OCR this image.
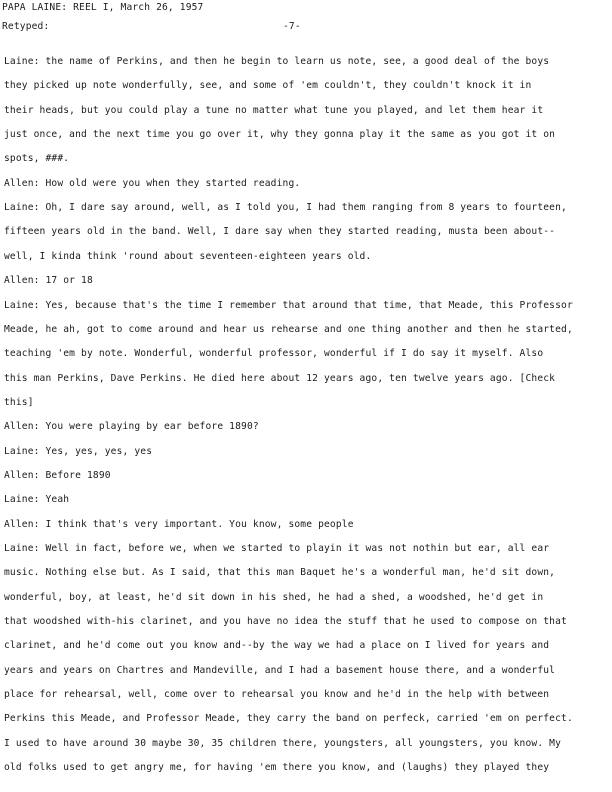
PAPA LAINE: REEL I, March 26, 1957
-7-
Retyped:
Laine: the name of Perkins, and then he begin to learn us note, see, a good deal of the boys
they picked up note wonderfully, see, and some of 'em couldn't, they couldn't knock it in
their heads, but you could play a tune no matter what tune you played, and let them hear it
just once, and the next time you go over it, why they gonna play it the same as you got it on
spots, ###.
Allen: How old were you when they started reading.
Laine: Oh, I dare say around, well, as I told you, I had them ranging from 8 years to fourteen,
fifteen years old in the band. Well, I dare say when they started reading, musta been about--
well, I kinda think 'round about seventeen-eighteen years old.
Allen: 17 or 18
Laine: Yes, because that's the time I remember that around that time, that Meade, this Professor
Meade, he ah, got to come around and hear us rehearse and one thing another and then he started,
teaching 'em by note. Wonderful, wonderful professor, wonderful if I do say it myself. Also
this man Perkins, Dave Perkins. He died here about 12 years ago, ten twelve years ago. [Check
this]
Allen: You were playing by ear before 1890?
Laine: Yes, yes, yes, yes
Allen: Before 1890
Laine: Yeah
Allen: I think that's very important. You know, some people
Laine: Well in fact, before we, when we started to playin it was not nothin but ear, all ear
music. Nothing else but. As I said, that this man Baquet he's a wonderful man, he'd sit down,
wonderful, boy, at least, he'd sit down in his shed, he had a shed, a woodshed, he'd get in
that woodshed with-his clarinet, and you have no idea the stuff that he used to compose on that
clarinet, and he'd come out you know and--by the way we had a place on I lived for years and
years and years on Chartres and Mandeville, and I had a basement house there, and a wonderful
place for rehearsal, well, come over to rehearsal you know and he'd in the help with between
Perkins this Meade, and Professor Meade, they carry the band on perfeck, carried 'em on perfect.
I used to have around 30 maybe 30, 35 children there, youngsters, all youngsters, you know. My
old folks used to get angry me, for having 'em there you know, and (laughs) they played they
